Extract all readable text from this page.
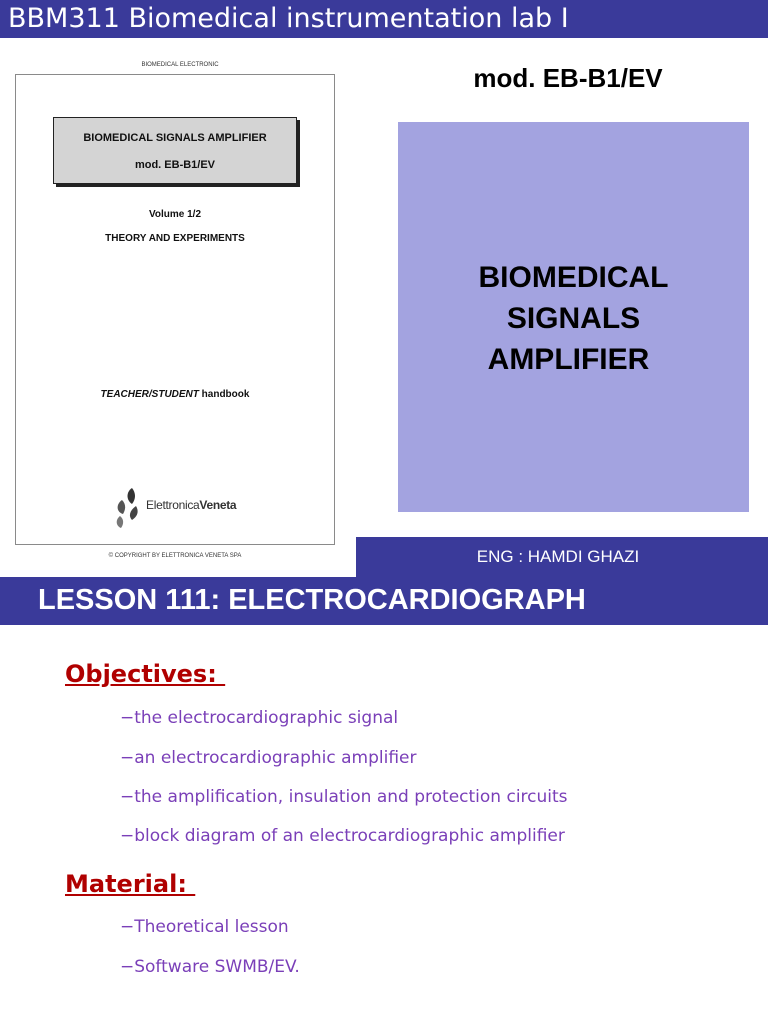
BBM311 Biomedical instrumentation lab I
BIOMEDICAL ELECTRONIC
BIOMEDICAL SIGNALS AMPLIFIER
mod. EB-B1/EV
Volume 1/2
THEORY AND EXPERIMENTS
TEACHER/STUDENT handbook
ElettronicaVeneta
© COPYRIGHT BY ELETTRONICA VENETA SPA
mod. EB-B1/EV
BIOMEDICAL
SIGNALS
AMPLIFIER
ENG : HAMDI GHAZI
LESSON 111: ELECTROCARDIOGRAPH
Objectives:
−the electrocardiographic signal
−an electrocardiographic amplifier
−the amplification, insulation and protection circuits
−block diagram of an electrocardiographic amplifier
Material:
−Theoretical lesson
−Software SWMB/EV.
